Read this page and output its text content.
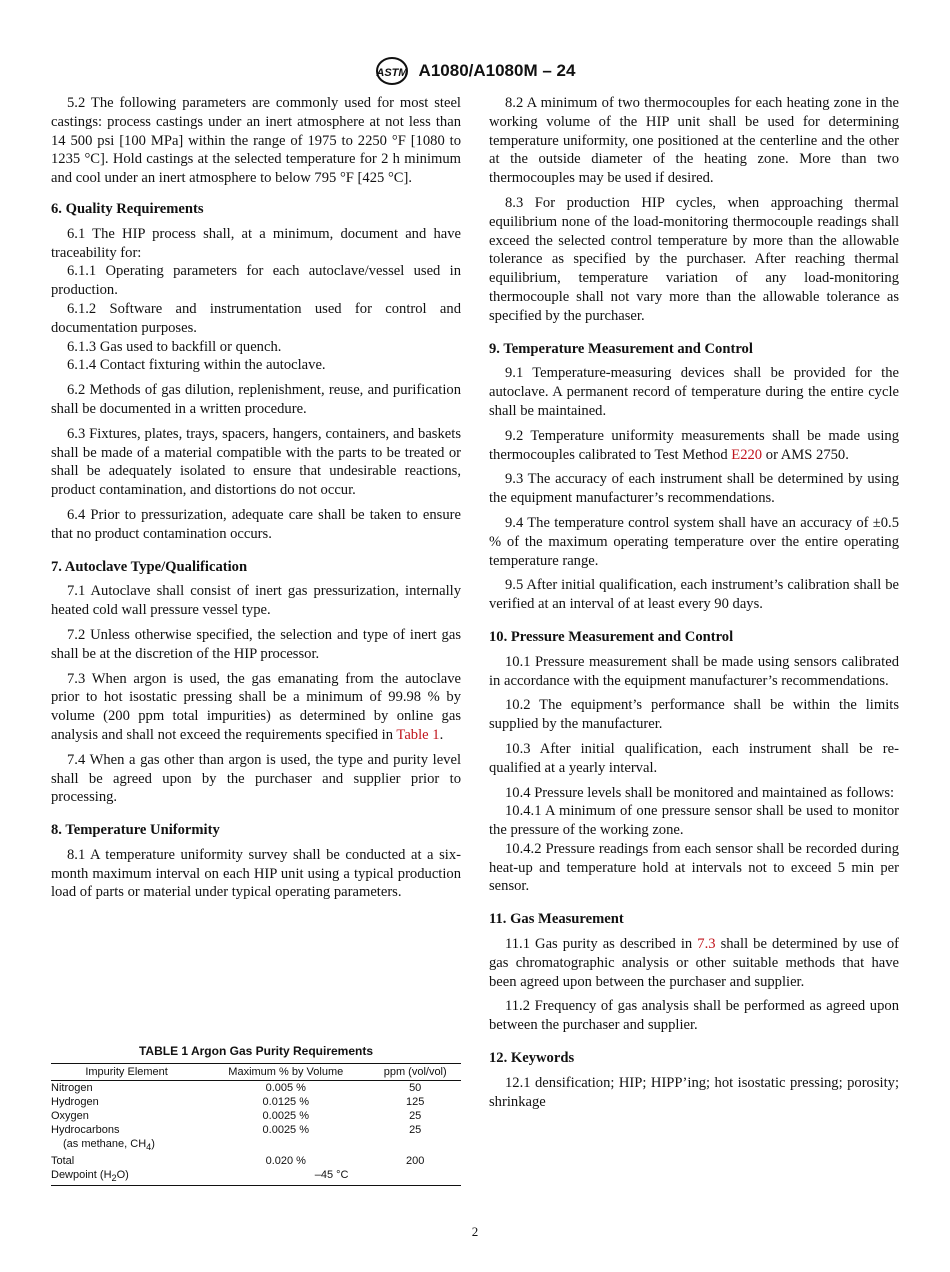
ASTM A1080/A1080M – 24

5.2 The following parameters are commonly used for most steel castings: process castings under an inert atmosphere at not less than 14 500 psi [100 MPa] within the range of 1975 to 2250 °F [1080 to 1235 °C]. Hold castings at the selected temperature for 2 h minimum and cool under an inert atmosphere to below 795 °F [425 °C].

6. Quality Requirements

6.1 The HIP process shall, at a minimum, document and have traceability for:

6.1.1 Operating parameters for each autoclave/vessel used in production.

6.1.2 Software and instrumentation used for control and documentation purposes.

6.1.3 Gas used to backfill or quench.

6.1.4 Contact fixturing within the autoclave.

6.2 Methods of gas dilution, replenishment, reuse, and purification shall be documented in a written procedure.

6.3 Fixtures, plates, trays, spacers, hangers, containers, and baskets shall be made of a material compatible with the parts to be treated or shall be adequately isolated to ensure that undesirable reactions, product contamination, and distortions do not occur.

6.4 Prior to pressurization, adequate care shall be taken to ensure that no product contamination occurs.

7. Autoclave Type/Qualification

7.1 Autoclave shall consist of inert gas pressurization, internally heated cold wall pressure vessel type.

7.2 Unless otherwise specified, the selection and type of inert gas shall be at the discretion of the HIP processor.

7.3 When argon is used, the gas emanating from the autoclave prior to hot isostatic pressing shall be a minimum of 99.98 % by volume (200 ppm total impurities) as determined by online gas analysis and shall not exceed the requirements specified in Table 1.

7.4 When a gas other than argon is used, the type and purity level shall be agreed upon by the purchaser and supplier prior to processing.

8. Temperature Uniformity

8.1 A temperature uniformity survey shall be conducted at a six-month maximum interval on each HIP unit using a typical production load of parts or material under typical operating parameters.

TABLE 1 Argon Gas Purity Requirements
Impurity Element	Maximum % by Volume	ppm (vol/vol)
Nitrogen	0.005 %	50
Hydrogen	0.0125 %	125
Oxygen	0.0025 %	25
Hydrocarbons	0.0025 %	25
(as methane, $CH_4$)		
Total	0.020 %	200
Dewpoint $(H_2O)$	–45 °C	

8.2 A minimum of two thermocouples for each heating zone in the working volume of the HIP unit shall be used for determining temperature uniformity, one positioned at the centerline and the other at the outside diameter of the heating zone. More than two thermocouples may be used if desired.

8.3 For production HIP cycles, when approaching thermal equilibrium none of the load-monitoring thermocouple readings shall exceed the selected control temperature by more than the allowable tolerance as specified by the purchaser. After reaching thermal equilibrium, temperature variation of any load-monitoring thermocouple shall not vary more than the allowable tolerance as specified by the purchaser.

9. Temperature Measurement and Control

9.1 Temperature-measuring devices shall be provided for the autoclave. A permanent record of temperature during the entire cycle shall be maintained.

9.2 Temperature uniformity measurements shall be made using thermocouples calibrated to Test Method E220 or AMS 2750.

9.3 The accuracy of each instrument shall be determined by using the equipment manufacturer’s recommendations.

9.4 The temperature control system shall have an accuracy of ±0.5 % of the maximum operating temperature over the entire operating temperature range.

9.5 After initial qualification, each instrument’s calibration shall be verified at an interval of at least every 90 days.

10. Pressure Measurement and Control

10.1 Pressure measurement shall be made using sensors calibrated in accordance with the equipment manufacturer’s recommendations.

10.2 The equipment’s performance shall be within the limits supplied by the manufacturer.

10.3 After initial qualification, each instrument shall be re-qualified at a yearly interval.

10.4 Pressure levels shall be monitored and maintained as follows:

10.4.1 A minimum of one pressure sensor shall be used to monitor the pressure of the working zone.

10.4.2 Pressure readings from each sensor shall be recorded during heat-up and temperature hold at intervals not to exceed 5 min per sensor.

11. Gas Measurement

11.1 Gas purity as described in 7.3 shall be determined by use of gas chromatographic analysis or other suitable methods that have been agreed upon between the purchaser and supplier.

11.2 Frequency of gas analysis shall be performed as agreed upon between the purchaser and supplier.

12. Keywords

12.1 densification; HIP; HIPP’ing; hot isostatic pressing; porosity; shrinkage

2
